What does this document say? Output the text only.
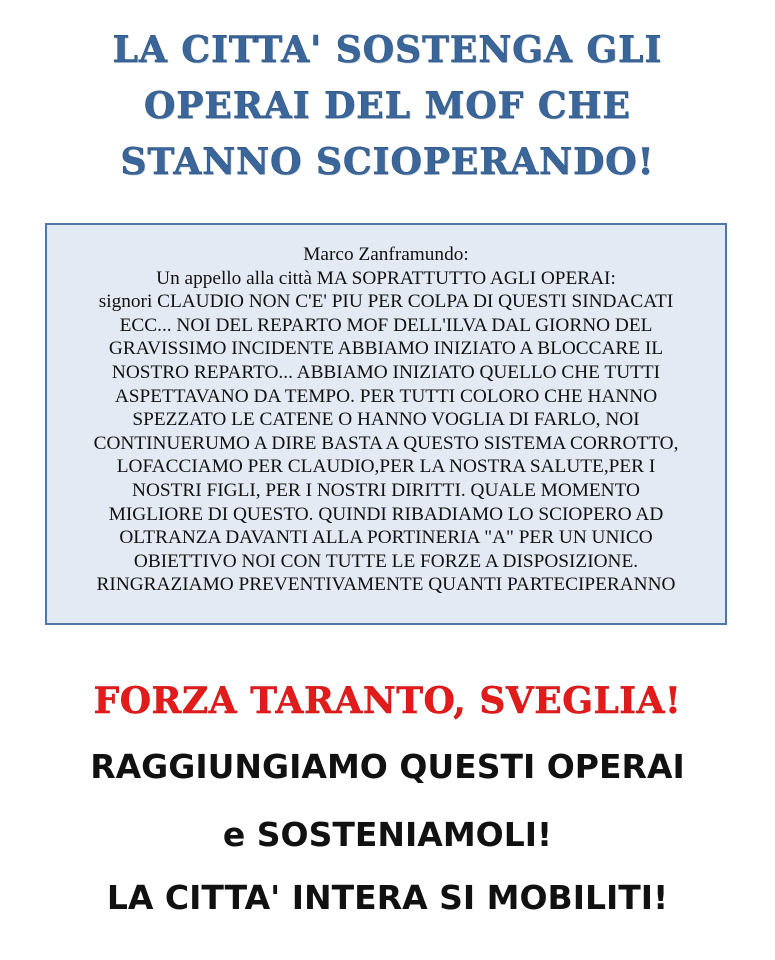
LA CITTA' SOSTENGA GLI
OPERAI DEL MOF CHE
STANNO SCIOPERANDO!
Marco Zanframundo:
Un appello alla città MA SOPRATTUTTO AGLI OPERAI:
signori CLAUDIO NON C'E' PIU PER COLPA DI QUESTI SINDACATI
ECC... NOI DEL REPARTO MOF DELL'ILVA DAL GIORNO DEL
GRAVISSIMO INCIDENTE ABBIAMO INIZIATO A BLOCCARE IL
NOSTRO REPARTO... ABBIAMO INIZIATO QUELLO CHE TUTTI
ASPETTAVANO DA TEMPO. PER TUTTI COLORO CHE HANNO
SPEZZATO LE CATENE O HANNO VOGLIA DI FARLO, NOI
CONTINUERUMO A DIRE BASTA A QUESTO SISTEMA CORROTTO,
LOFACCIAMO PER CLAUDIO,PER LA NOSTRA SALUTE,PER I
NOSTRI FIGLI, PER I NOSTRI DIRITTI. QUALE MOMENTO
MIGLIORE DI QUESTO. QUINDI RIBADIAMO LO SCIOPERO AD
OLTRANZA DAVANTI ALLA PORTINERIA "A" PER UN UNICO
OBIETTIVO NOI CON TUTTE LE FORZE A DISPOSIZIONE.
RINGRAZIAMO PREVENTIVAMENTE QUANTI PARTECIPERANNO

FORZA TARANTO, SVEGLIA!

RAGGIUNGIAMO QUESTI OPERAI

e SOSTENIAMOLI!

LA CITTA' INTERA SI MOBILITI!
